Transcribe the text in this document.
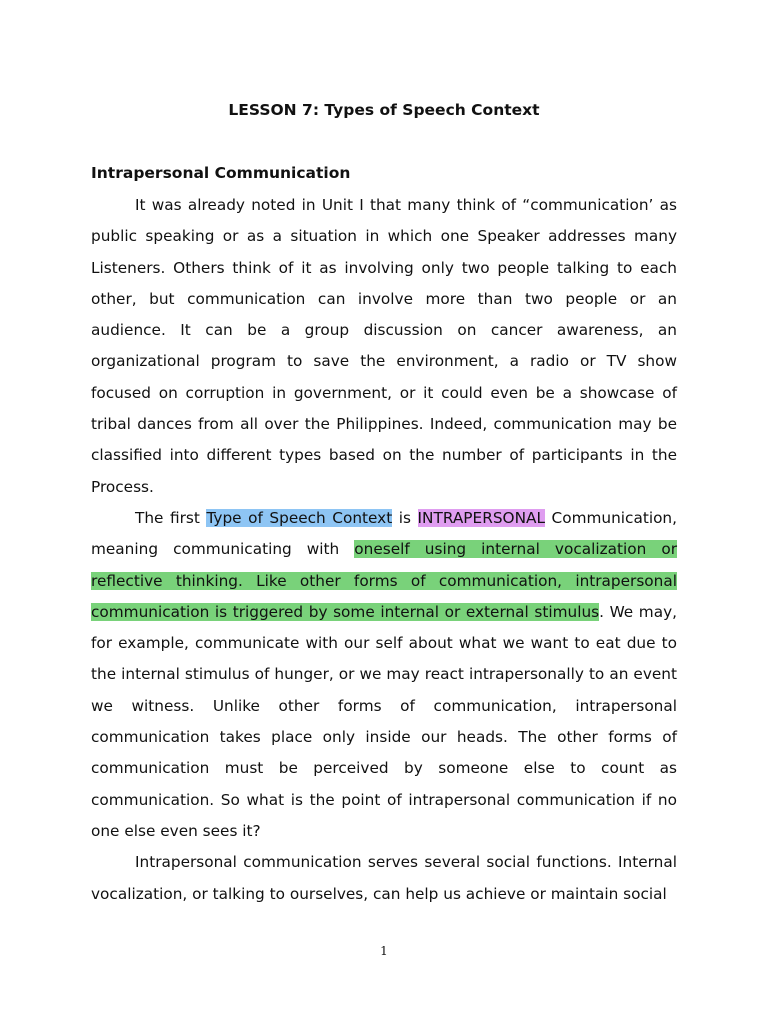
LESSON 7: Types of Speech Context
Intrapersonal Communication

It was already noted in Unit I that many think of “communication’ as public speaking or as a situation in which one Speaker addresses many Listeners. Others think of it as involving only two people talking to each other, but communication can involve more than two people or an audience. It can be a group discussion on cancer awareness, an organizational program to save the environment, a radio or TV show focused on corruption in government, or it could even be a showcase of tribal dances from all over the Philippines. Indeed, communication may be classified into different types based on the number of participants in the Process.

The first Type of Speech Context is INTRAPERSONAL Communication, meaning communicating with oneself using internal vocalization or reflective thinking. Like other forms of communication, intrapersonal communication is triggered by some internal or external stimulus. We may, for example, communicate with our self about what we want to eat due to the internal stimulus of hunger, or we may react intrapersonally to an event we witness. Unlike other forms of communication, intrapersonal communication takes place only inside our heads. The other forms of communication must be perceived by someone else to count as communication. So what is the point of intrapersonal communication if no one else even sees it?

Intrapersonal communication serves several social functions. Internal vocalization, or talking to ourselves, can help us achieve or maintain social

1
